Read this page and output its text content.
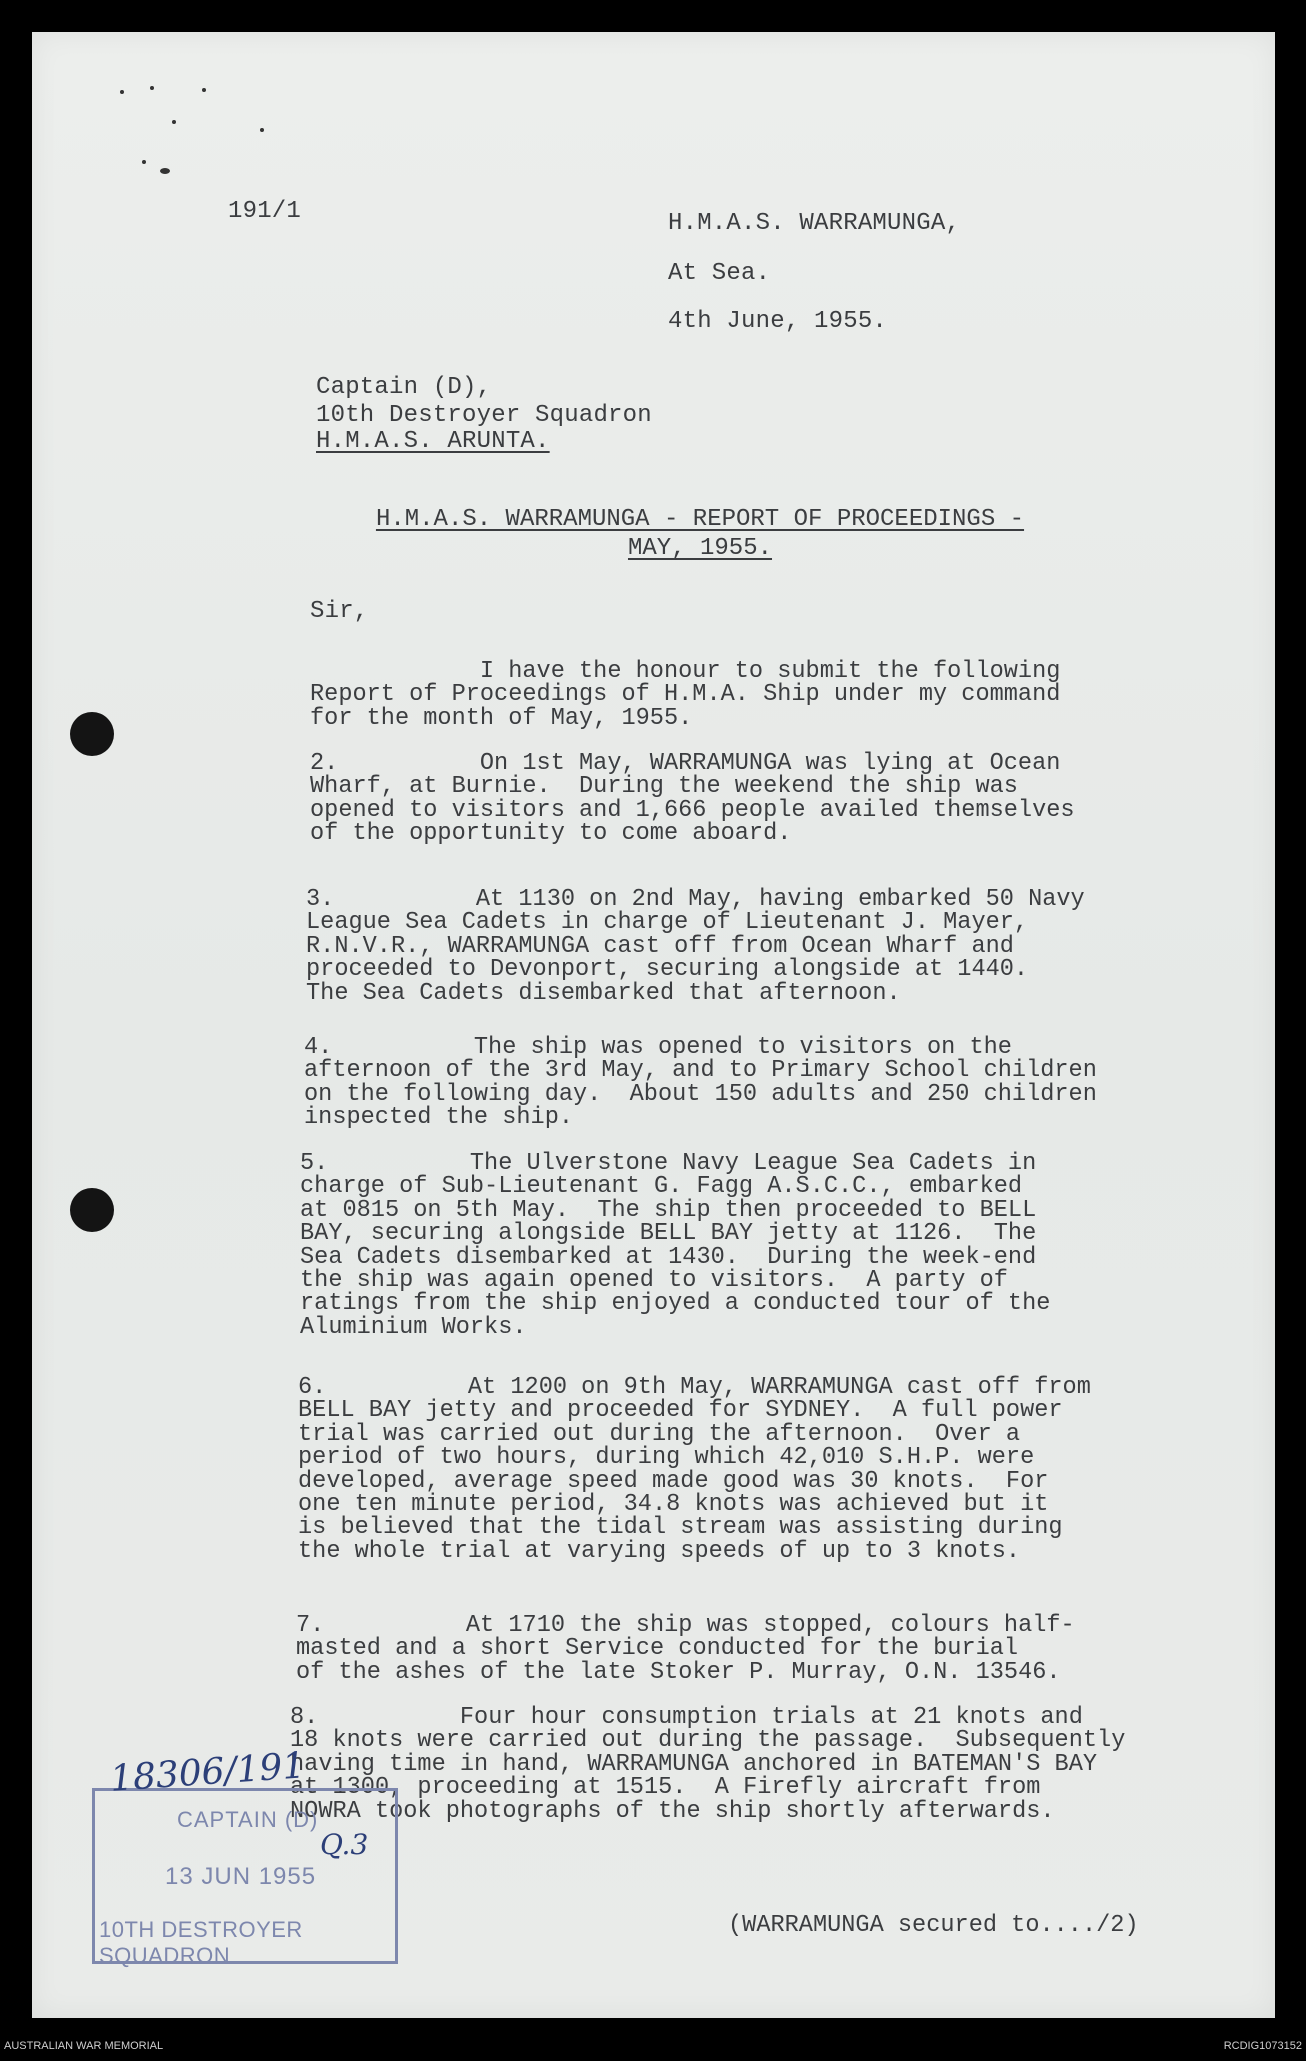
191/1	H.M.A.S. WARRAMUNGA,
At Sea.
4th June, 1955.
Captain (D),
10th Destroyer Squadron
H.M.A.S. ARUNTA.
H.M.A.S. WARRAMUNGA - REPORT OF PROCEEDINGS -
MAY, 1955.
Sir,
I have the honour to submit the following
Report of Proceedings of H.M.A. Ship under my command
for the month of May, 1955.
2.          On 1st May, WARRAMUNGA was lying at Ocean
Wharf, at Burnie.  During the weekend the ship was
opened to visitors and 1,666 people availed themselves
of the opportunity to come aboard.
3.          At 1130 on 2nd May, having embarked 50 Navy
League Sea Cadets in charge of Lieutenant J. Mayer,
R.N.V.R., WARRAMUNGA cast off from Ocean Wharf and
proceeded to Devonport, securing alongside at 1440.
The Sea Cadets disembarked that afternoon.
4.          The ship was opened to visitors on the
afternoon of the 3rd May, and to Primary School children
on the following day.  About 150 adults and 250 children
inspected the ship.
5.          The Ulverstone Navy League Sea Cadets in
charge of Sub-Lieutenant G. Fagg A.S.C.C., embarked
at 0815 on 5th May.  The ship then proceeded to BELL
BAY, securing alongside BELL BAY jetty at 1126.  The
Sea Cadets disembarked at 1430.  During the week-end
the ship was again opened to visitors.  A party of
ratings from the ship enjoyed a conducted tour of the
Aluminium Works.
6.          At 1200 on 9th May, WARRAMUNGA cast off from
BELL BAY jetty and proceeded for SYDNEY.  A full power
trial was carried out during the afternoon.  Over a
period of two hours, during which 42,010 S.H.P. were
developed, average speed made good was 30 knots.  For
one ten minute period, 34.8 knots was achieved but it
is believed that the tidal stream was assisting during
the whole trial at varying speeds of up to 3 knots.
7.          At 1710 the ship was stopped, colours half-
masted and a short Service conducted for the burial
of the ashes of the late Stoker P. Murray, O.N. 13546.
8.          Four hour consumption trials at 21 knots and
18 knots were carried out during the passage.  Subsequently
having time in hand, WARRAMUNGA anchored in BATEMAN'S BAY
at 1300, proceeding at 1515.  A Firefly aircraft from
NOWRA took photographs of the ship shortly afterwards.
CAPTAIN (D)
13 JUN 1955
10TH DESTROYER SQUADRON
18306/191
Q.3
(WARRAMUNGA secured to..../2)
AUSTRALIAN WAR MEMORIAL	RCDIG1073152
